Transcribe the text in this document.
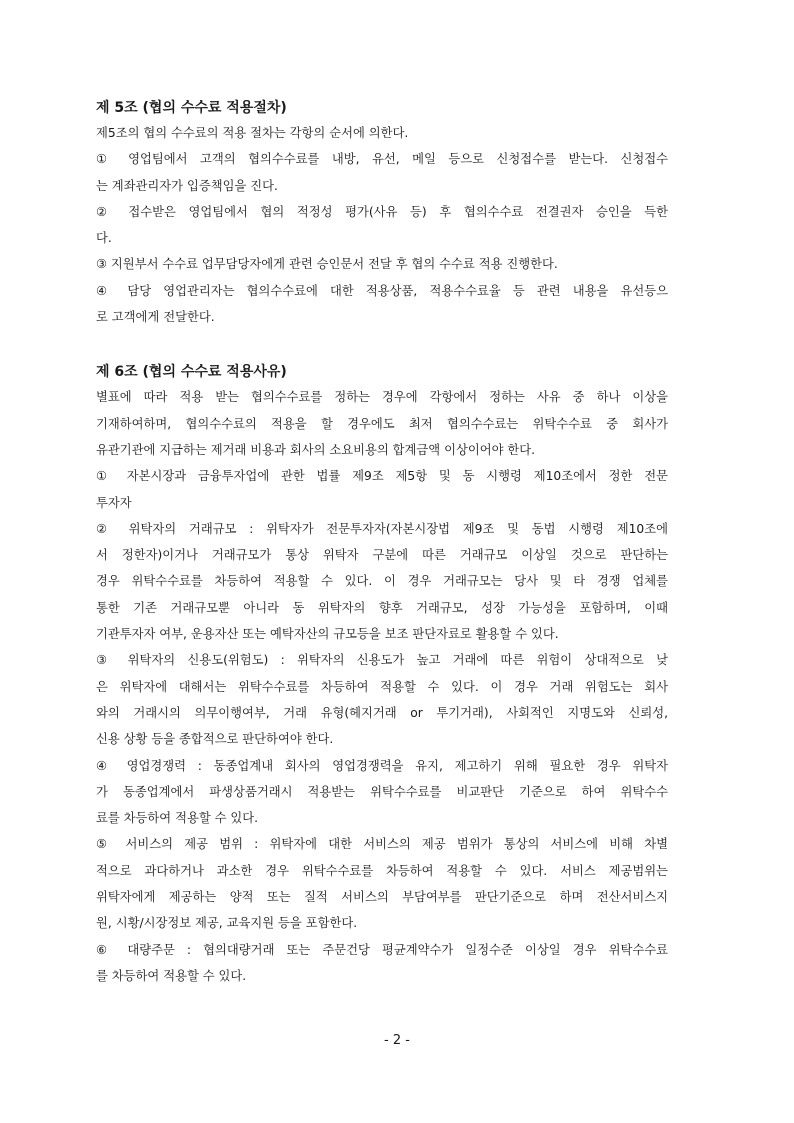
제 5조 (협의 수수료 적용절차)

제5조의 협의 수수료의 적용 절차는 각항의 순서에 의한다.

① 영업팀에서 고객의 협의수수료를 내방, 유선, 메일 등으로 신청접수를 받는다. 신청접수

는 계좌관리자가 입증책임을 진다.

② 접수받은 영업팀에서 협의 적정성 평가(사유 등) 후 협의수수료 전결권자 승인을 득한

다.

③ 지원부서 수수료 업무담당자에게 관련 승인문서 전달 후 협의 수수료 적용 진행한다.

④ 담당 영업관리자는 협의수수료에 대한 적용상품, 적용수수료율 등 관련 내용을 유선등으

로 고객에게 전달한다.

제 6조 (협의 수수료 적용사유)

별표에 따라 적용 받는 협의수수료를 정하는 경우에 각항에서 정하는 사유 중 하나 이상을

기재하여하며, 협의수수료의 적용을 할 경우에도 최저 협의수수료는 위탁수수료 중 회사가

유관기관에 지급하는 제거래 비용과 회사의 소요비용의 합계금액 이상이어야 한다.

① 자본시장과 금융투자업에 관한 법률 제9조 제5항 및 동 시행령 제10조에서 정한 전문

투자자

② 위탁자의 거래규모 : 위탁자가 전문투자자(자본시장법 제9조 및 동법 시행령 제10조에

서 정한자)이거나 거래규모가 통상 위탁자 구분에 따른 거래규모 이상일 것으로 판단하는

경우 위탁수수료를 차등하여 적용할 수 있다. 이 경우 거래규모는 당사 및 타 경쟁 업체를

통한 기존 거래규모뿐 아니라 동 위탁자의 향후 거래규모, 성장 가능성을 포함하며, 이때

기관투자자 여부, 운용자산 또는 예탁자산의 규모등을 보조 판단자료로 활용할 수 있다.

③ 위탁자의 신용도(위험도) : 위탁자의 신용도가 높고 거래에 따른 위험이 상대적으로 낮

은 위탁자에 대해서는 위탁수수료를 차등하여 적용할 수 있다. 이 경우 거래 위험도는 회사

와의 거래시의 의무이행여부, 거래 유형(헤지거래 or 투기거래), 사회적인 지명도와 신뢰성,

신용 상황 등을 종합적으로 판단하여야 한다.

④ 영업경쟁력 : 동종업계내 회사의 영업경쟁력을 유지, 제고하기 위해 필요한 경우 위탁자

가 동종업계에서 파생상품거래시 적용받는 위탁수수료를 비교판단 기준으로 하여 위탁수수

료를 차등하여 적용할 수 있다.

⑤ 서비스의 제공 범위 : 위탁자에 대한 서비스의 제공 범위가 통상의 서비스에 비해 차별

적으로 과다하거나 과소한 경우 위탁수수료를 차등하여 적용할 수 있다. 서비스 제공범위는

위탁자에게 제공하는 양적 또는 질적 서비스의 부담여부를 판단기준으로 하며 전산서비스지

원, 시황/시장정보 제공, 교육지원 등을 포함한다.

⑥ 대량주문 : 협의대량거래 또는 주문건당 평균계약수가 일정수준 이상일 경우 위탁수수료

를 차등하여 적용할 수 있다.

- 2 -
